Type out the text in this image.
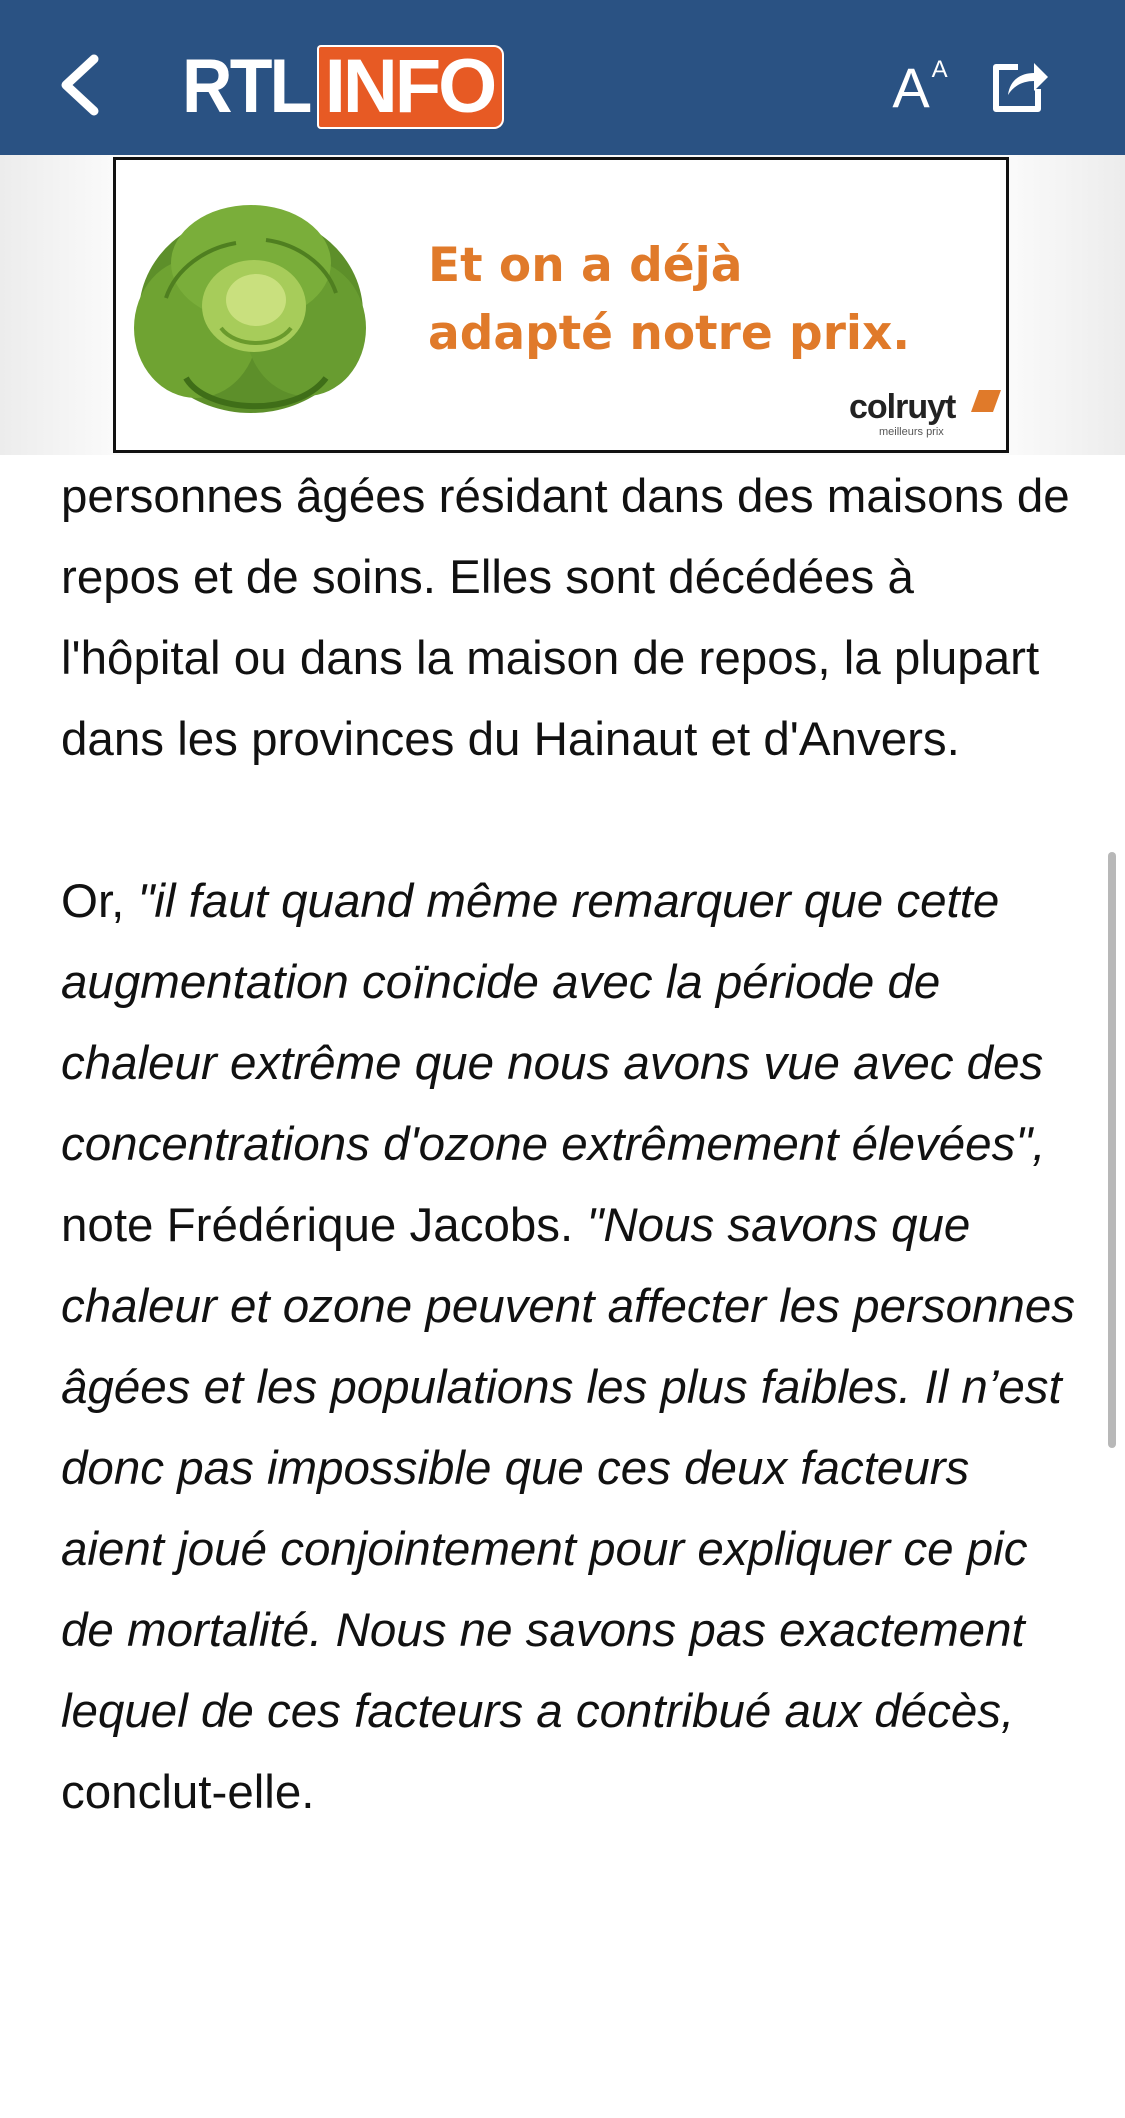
RTL INFO	A A
Et on a déjà
adapté notre prix.
colruyt
meilleurs prix

personnes âgées résidant dans des maisons de repos et de soins. Elles sont décédées à l'hôpital ou dans la maison de repos, la plupart dans les provinces du Hainaut et d'Anvers.

Or, "il faut quand même remarquer que cette augmentation coïncide avec la période de chaleur extrême que nous avons vue avec des concentrations d'ozone extrêmement élevées", note Frédérique Jacobs. "Nous savons que chaleur et ozone peuvent affecter les personnes âgées et les populations les plus faibles. Il n’est donc pas impossible que ces deux facteurs aient joué conjointement pour expliquer ce pic de mortalité. Nous ne savons pas exactement lequel de ces facteurs a contribué aux décès, conclut-elle.
